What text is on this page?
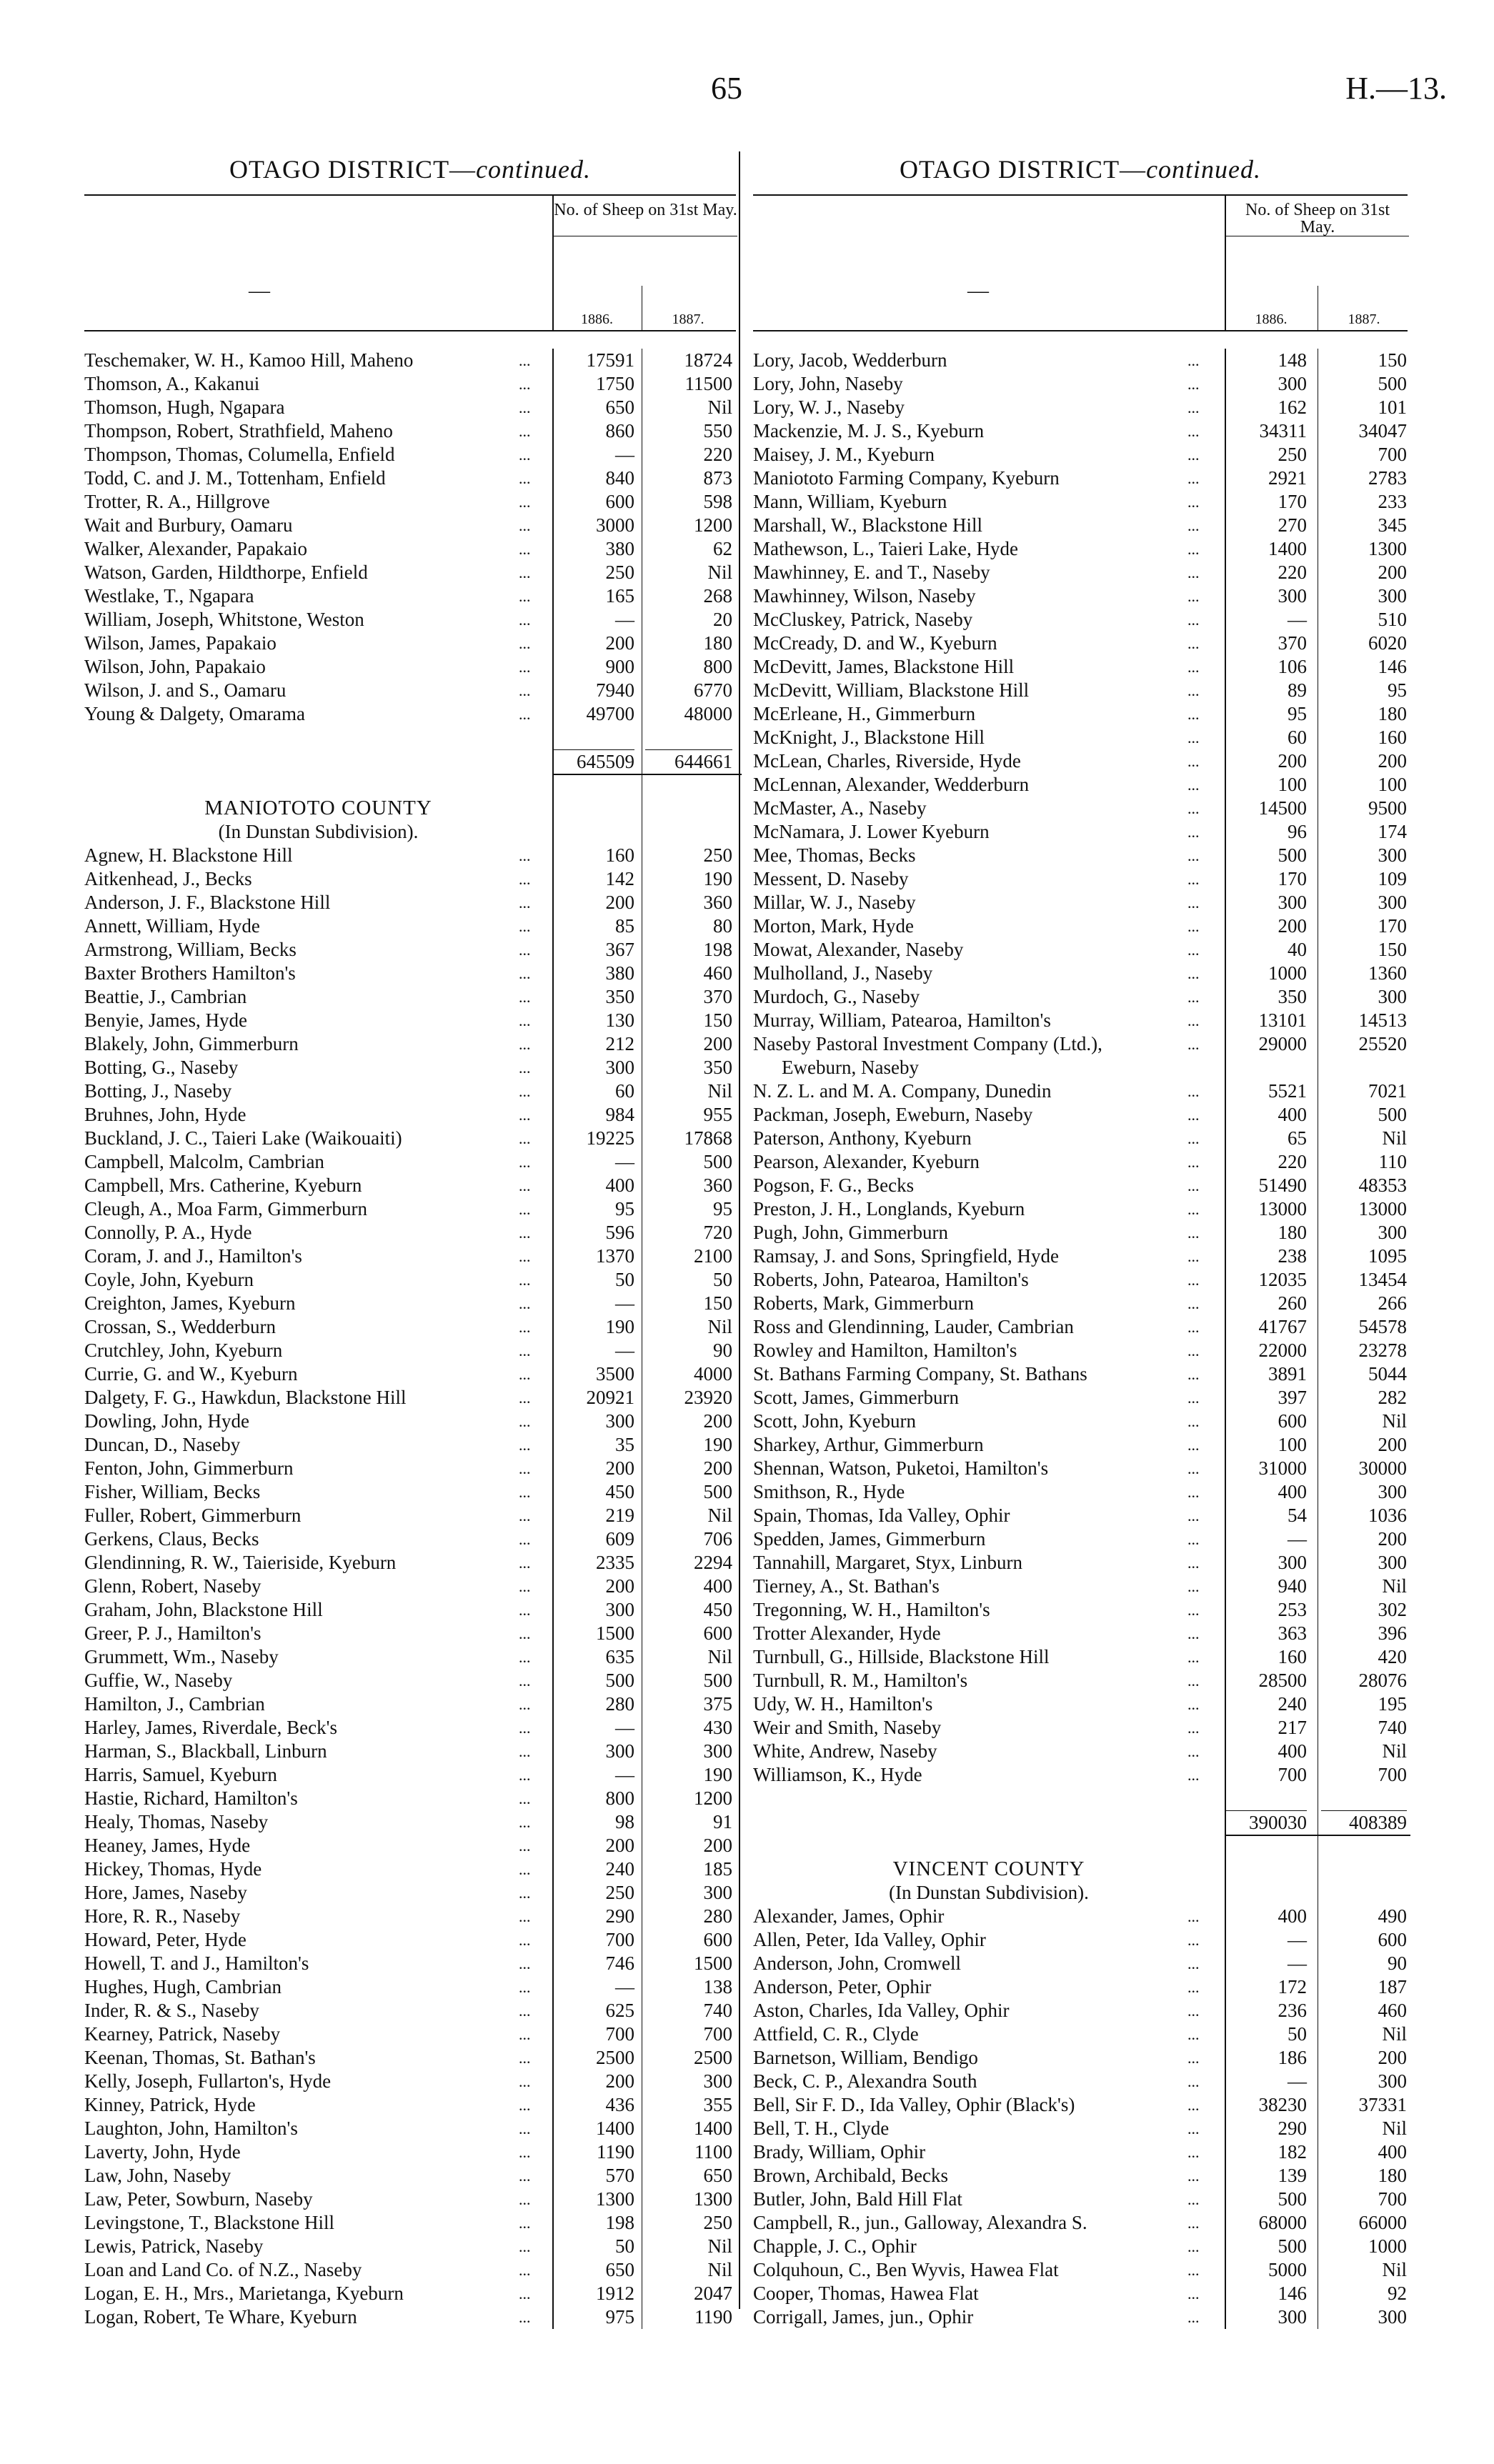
65	H.—13.
OTAGO DISTRICT—continued.
—
No. of Sheep on 31st May.
1886.	1887.
Teschemaker, W. H., Kamoo Hill, Maheno	...	17591	18724
Thomson, A., Kakanui	...	1750	11500
Thomson, Hugh, Ngapara	...	650	Nil
Thompson, Robert, Strathfield, Maheno	...	860	550
Thompson, Thomas, Columella, Enfield	...	—	220
Todd, C. and J. M., Tottenham, Enfield	...	840	873
Trotter, R. A., Hillgrove	...	600	598
Wait and Burbury, Oamaru	...	3000	1200
Walker, Alexander, Papakaio	...	380	62
Watson, Garden, Hildthorpe, Enfield	...	250	Nil
Westlake, T., Ngapara	...	165	268
William, Joseph, Whitstone, Weston	...	—	20
Wilson, James, Papakaio	...	200	180
Wilson, John, Papakaio	...	900	800
Wilson, J. and S., Oamaru	...	7940	6770
Young & Dalgety, Omarama	...	49700	48000
645509	644661
MANIOTOTO COUNTY
(In Dunstan Subdivision).
Agnew, H. Blackstone Hill	...	160	250
Aitkenhead, J., Becks	...	142	190
Anderson, J. F., Blackstone Hill	...	200	360
Annett, William, Hyde	...	85	80
Armstrong, William, Becks	...	367	198
Baxter Brothers Hamilton's	...	380	460
Beattie, J., Cambrian	...	350	370
Benyie, James, Hyde	...	130	150
Blakely, John, Gimmerburn	...	212	200
Botting, G., Naseby	...	300	350
Botting, J., Naseby	...	60	Nil
Bruhnes, John, Hyde	...	984	955
Buckland, J. C., Taieri Lake (Waikouaiti)	...	19225	17868
Campbell, Malcolm, Cambrian	...	—	500
Campbell, Mrs. Catherine, Kyeburn	...	400	360
Cleugh, A., Moa Farm, Gimmerburn	...	95	95
Connolly, P. A., Hyde	...	596	720
Coram, J. and J., Hamilton's	...	1370	2100
Coyle, John, Kyeburn	...	50	50
Creighton, James, Kyeburn	...	—	150
Crossan, S., Wedderburn	...	190	Nil
Crutchley, John, Kyeburn	...	—	90
Currie, G. and W., Kyeburn	...	3500	4000
Dalgety, F. G., Hawkdun, Blackstone Hill	...	20921	23920
Dowling, John, Hyde	...	300	200
Duncan, D., Naseby	...	35	190
Fenton, John, Gimmerburn	...	200	200
Fisher, William, Becks	...	450	500
Fuller, Robert, Gimmerburn	...	219	Nil
Gerkens, Claus, Becks	...	609	706
Glendinning, R. W., Taieriside, Kyeburn	...	2335	2294
Glenn, Robert, Naseby	...	200	400
Graham, John, Blackstone Hill	...	300	450
Greer, P. J., Hamilton's	...	1500	600
Grummett, Wm., Naseby	...	635	Nil
Guffie, W., Naseby	...	500	500
Hamilton, J., Cambrian	...	280	375
Harley, James, Riverdale, Beck's	...	—	430
Harman, S., Blackball, Linburn	...	300	300
Harris, Samuel, Kyeburn	...	—	190
Hastie, Richard, Hamilton's	...	800	1200
Healy, Thomas, Naseby	...	98	91
Heaney, James, Hyde	...	200	200
Hickey, Thomas, Hyde	...	240	185
Hore, James, Naseby	...	250	300
Hore, R. R., Naseby	...	290	280
Howard, Peter, Hyde	...	700	600
Howell, T. and J., Hamilton's	...	746	1500
Hughes, Hugh, Cambrian	...	—	138
Inder, R. & S., Naseby	...	625	740
Kearney, Patrick, Naseby	...	700	700
Keenan, Thomas, St. Bathan's	...	2500	2500
Kelly, Joseph, Fullarton's, Hyde	...	200	300
Kinney, Patrick, Hyde	...	436	355
Laughton, John, Hamilton's	...	1400	1400
Laverty, John, Hyde	...	1190	1100
Law, John, Naseby	...	570	650
Law, Peter, Sowburn, Naseby	...	1300	1300
Levingstone, T., Blackstone Hill	...	198	250
Lewis, Patrick, Naseby	...	50	Nil
Loan and Land Co. of N.Z., Naseby	...	650	Nil
Logan, E. H., Mrs., Marietanga, Kyeburn	...	1912	2047
Logan, Robert, Te Whare, Kyeburn	...	975	1190
OTAGO DISTRICT—continued.
—
No. of Sheep on 31st May.
1886.	1887.
Lory, Jacob, Wedderburn	...	148	150
Lory, John, Naseby	...	300	500
Lory, W. J., Naseby	...	162	101
Mackenzie, M. J. S., Kyeburn	...	34311	34047
Maisey, J. M., Kyeburn	...	250	700
Maniototo Farming Company, Kyeburn	...	2921	2783
Mann, William, Kyeburn	...	170	233
Marshall, W., Blackstone Hill	...	270	345
Mathewson, L., Taieri Lake, Hyde	...	1400	1300
Mawhinney, E. and T., Naseby	...	220	200
Mawhinney, Wilson, Naseby	...	300	300
McCluskey, Patrick, Naseby	...	—	510
McCready, D. and W., Kyeburn	...	370	6020
McDevitt, James, Blackstone Hill	...	106	146
McDevitt, William, Blackstone Hill	...	89	95
McErleane, H., Gimmerburn	...	95	180
McKnight, J., Blackstone Hill	...	60	160
McLean, Charles, Riverside, Hyde	...	200	200
McLennan, Alexander, Wedderburn	...	100	100
McMaster, A., Naseby	...	14500	9500
McNamara, J. Lower Kyeburn	...	96	174
Mee, Thomas, Becks	...	500	300
Messent, D. Naseby	...	170	109
Millar, W. J., Naseby	...	300	300
Morton, Mark, Hyde	...	200	170
Mowat, Alexander, Naseby	...	40	150
Mulholland, J., Naseby	...	1000	1360
Murdoch, G., Naseby	...	350	300
Murray, William, Patearoa, Hamilton's	...	13101	14513
Naseby Pastoral Investment Company (Ltd.),	...	29000	25520
Eweburn, Naseby
N. Z. L. and M. A. Company, Dunedin	...	5521	7021
Packman, Joseph, Eweburn, Naseby	...	400	500
Paterson, Anthony, Kyeburn	...	65	Nil
Pearson, Alexander, Kyeburn	...	220	110
Pogson, F. G., Becks	...	51490	48353
Preston, J. H., Longlands, Kyeburn	...	13000	13000
Pugh, John, Gimmerburn	...	180	300
Ramsay, J. and Sons, Springfield, Hyde	...	238	1095
Roberts, John, Patearoa, Hamilton's	...	12035	13454
Roberts, Mark, Gimmerburn	...	260	266
Ross and Glendinning, Lauder, Cambrian	...	41767	54578
Rowley and Hamilton, Hamilton's	...	22000	23278
St. Bathans Farming Company, St. Bathans	...	3891	5044
Scott, James, Gimmerburn	...	397	282
Scott, John, Kyeburn	...	600	Nil
Sharkey, Arthur, Gimmerburn	...	100	200
Shennan, Watson, Puketoi, Hamilton's	...	31000	30000
Smithson, R., Hyde	...	400	300
Spain, Thomas, Ida Valley, Ophir	...	54	1036
Spedden, James, Gimmerburn	...	—	200
Tannahill, Margaret, Styx, Linburn	...	300	300
Tierney, A., St. Bathan's	...	940	Nil
Tregonning, W. H., Hamilton's	...	253	302
Trotter Alexander, Hyde	...	363	396
Turnbull, G., Hillside, Blackstone Hill	...	160	420
Turnbull, R. M., Hamilton's	...	28500	28076
Udy, W. H., Hamilton's	...	240	195
Weir and Smith, Naseby	...	217	740
White, Andrew, Naseby	...	400	Nil
Williamson, K., Hyde	...	700	700
390030	408389
VINCENT COUNTY
(In Dunstan Subdivision).
Alexander, James, Ophir	...	400	490
Allen, Peter, Ida Valley, Ophir	...	—	600
Anderson, John, Cromwell	...	—	90
Anderson, Peter, Ophir	...	172	187
Aston, Charles, Ida Valley, Ophir	...	236	460
Attfield, C. R., Clyde	...	50	Nil
Barnetson, William, Bendigo	...	186	200
Beck, C. P., Alexandra South	...	—	300
Bell, Sir F. D., Ida Valley, Ophir (Black's)	...	38230	37331
Bell, T. H., Clyde	...	290	Nil
Brady, William, Ophir	...	182	400
Brown, Archibald, Becks	...	139	180
Butler, John, Bald Hill Flat	...	500	700
Campbell, R., jun., Galloway, Alexandra S.	...	68000	66000
Chapple, J. C., Ophir	...	500	1000
Colquhoun, C., Ben Wyvis, Hawea Flat	...	5000	Nil
Cooper, Thomas, Hawea Flat	...	146	92
Corrigall, James, jun., Ophir	...	300	300
